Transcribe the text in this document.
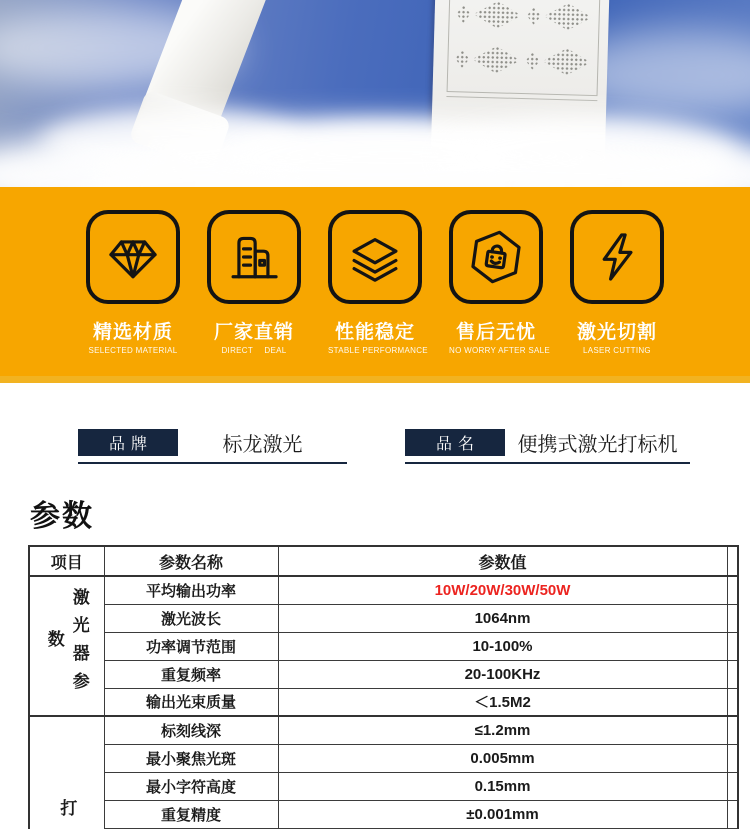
精选材质
SELECTED MATERIAL
厂家直销
DIRECT DEAL
性能稳定
STABLE PERFORMANCE
售后无忧
NO WORRY AFTER SALE
激光切割
LASER CUTTING
品牌	标龙激光	品名	便携式激光打标机
参数
项目	参数名称	参数值	
激光器参数	平均输出功率	10W/20W/30W/50W	
	激光波长	1064nm	
	功率调节范围	10-100%	
	重复频率	20-100KHz	
	输出光束质量	＜1.5M2	
打	标刻线深	≤1.2mm	
	最小聚焦光斑	0.005mm	
	最小字符高度	0.15mm	
	重复精度	±0.001mm	
